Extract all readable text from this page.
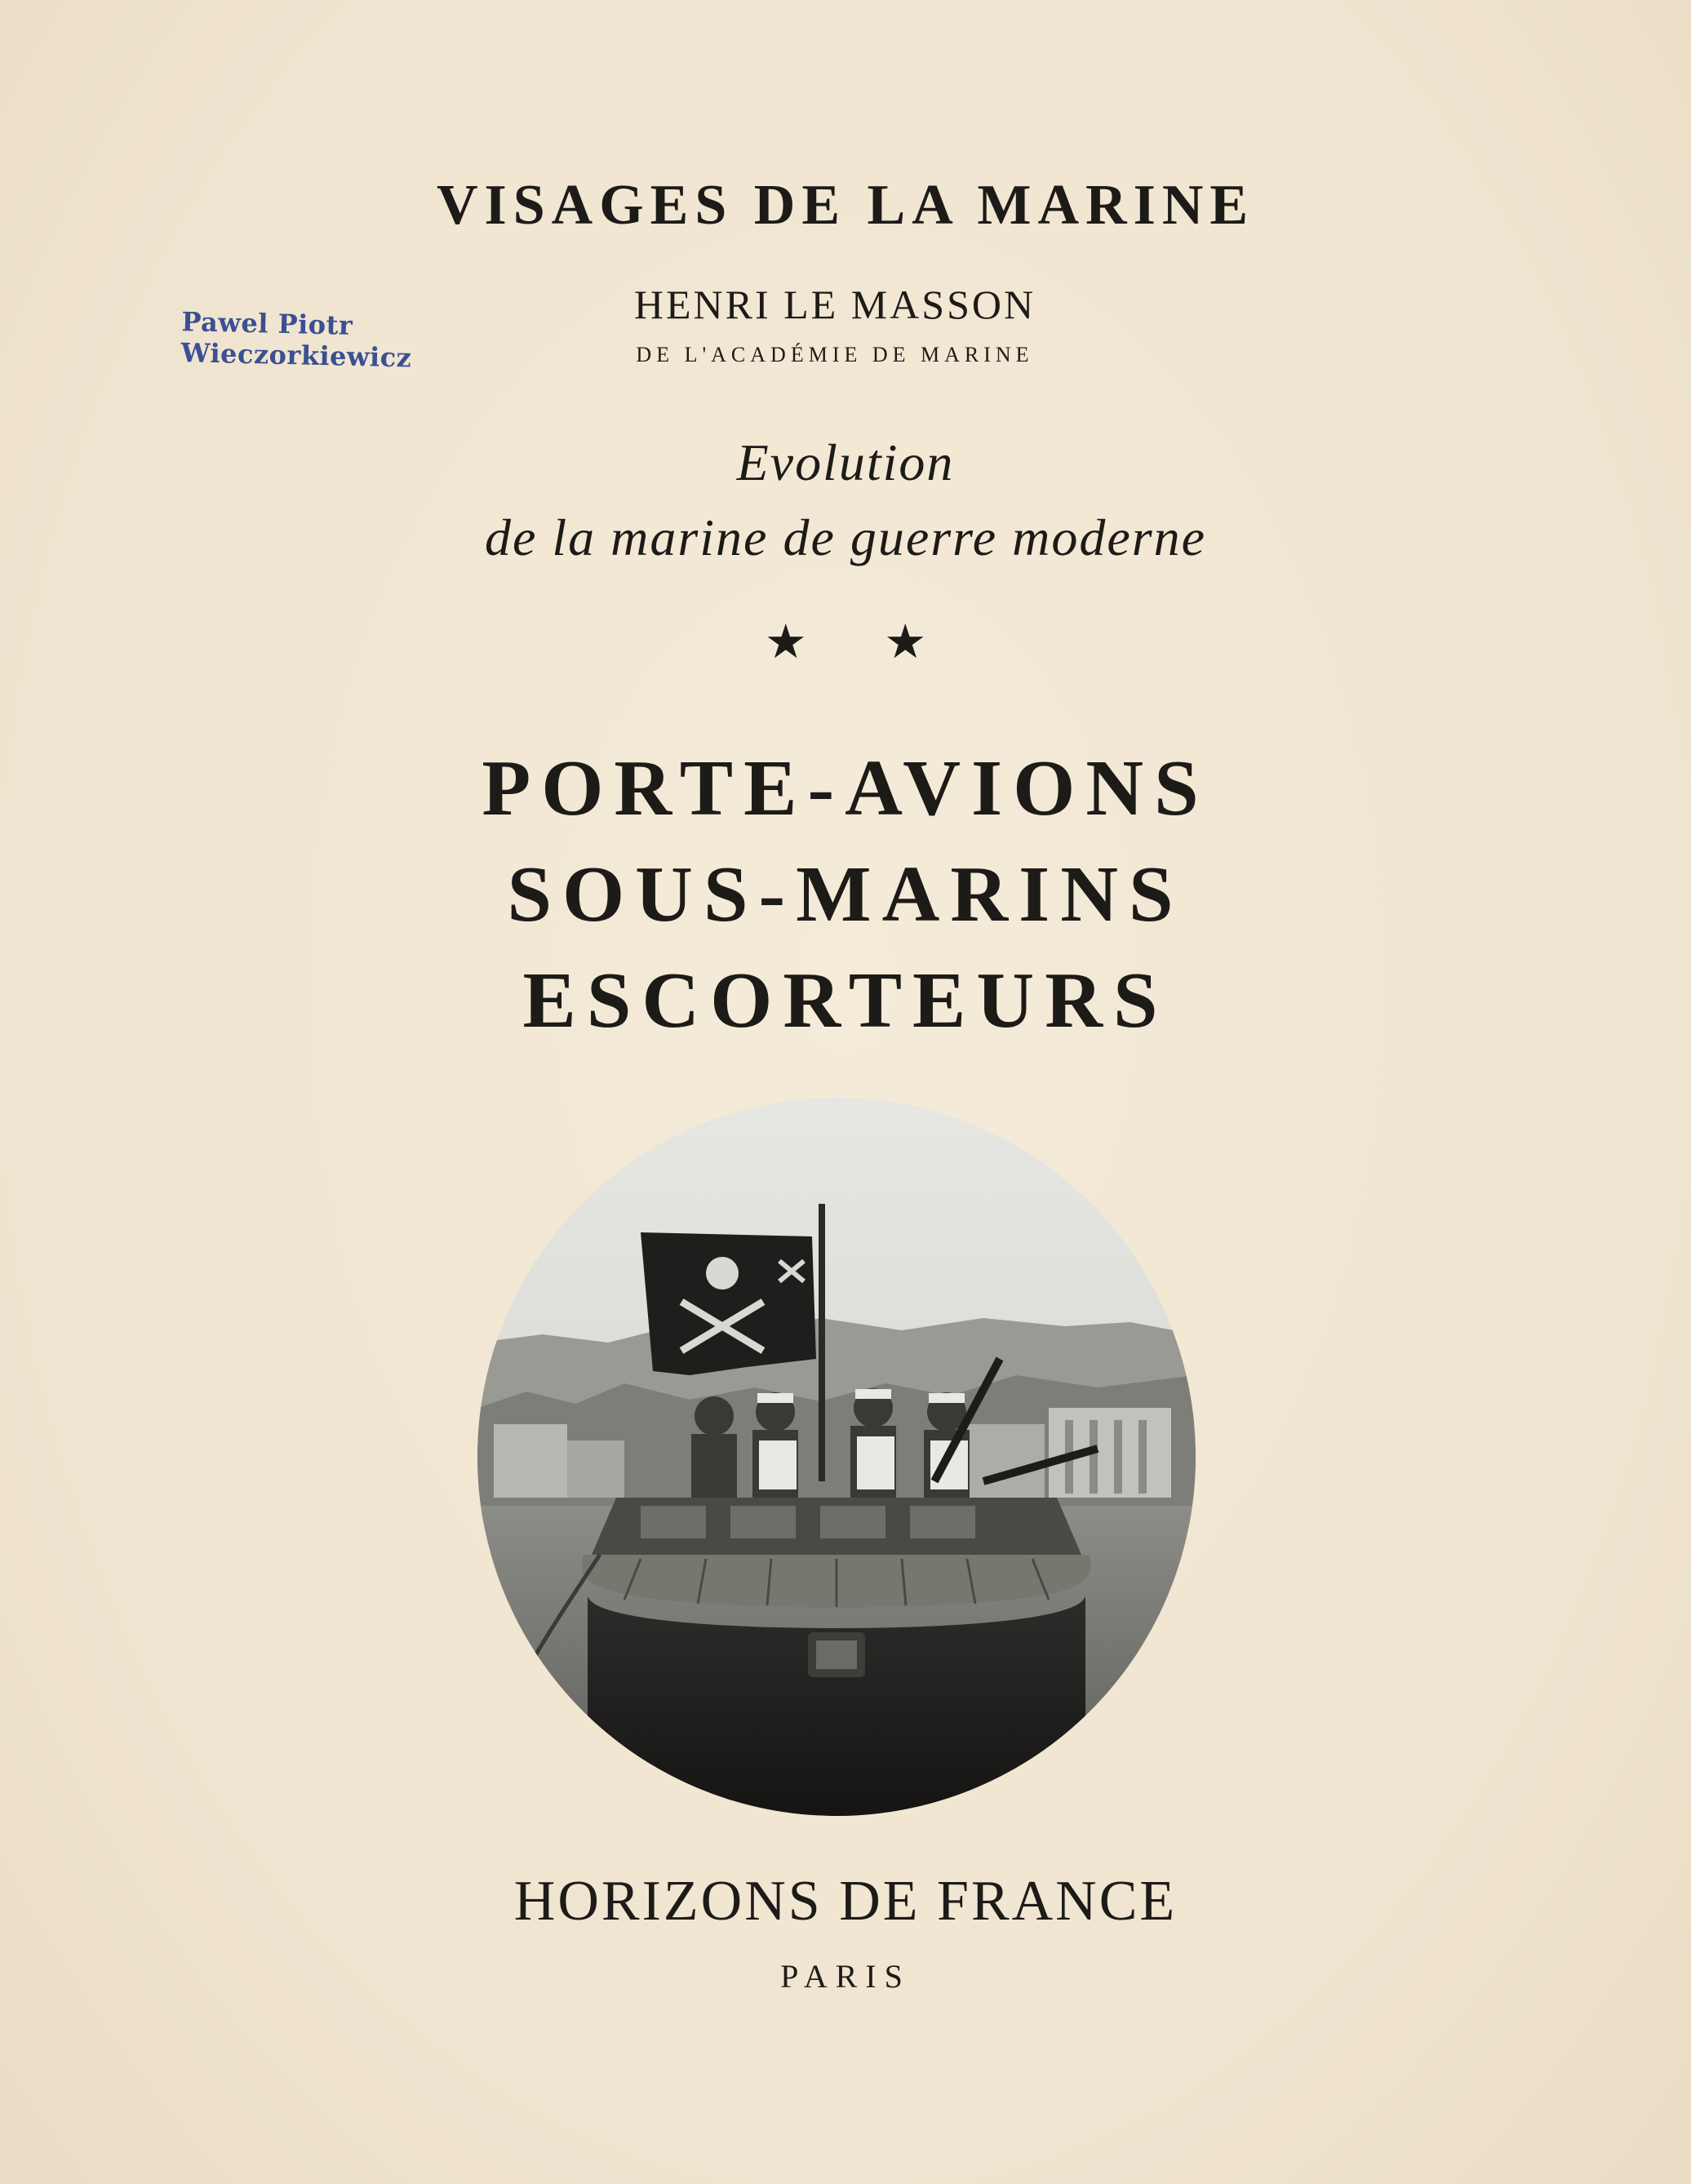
VISAGES DE LA MARINE
Pawel Piotr Wieczorkiewicz
HENRI LE MASSON
DE L'ACADÉMIE DE MARINE
Evolution
de la marine de guerre moderne
★ ★
PORTE-AVIONS
SOUS-MARINS
ESCORTEURS
HORIZONS DE FRANCE
PARIS
